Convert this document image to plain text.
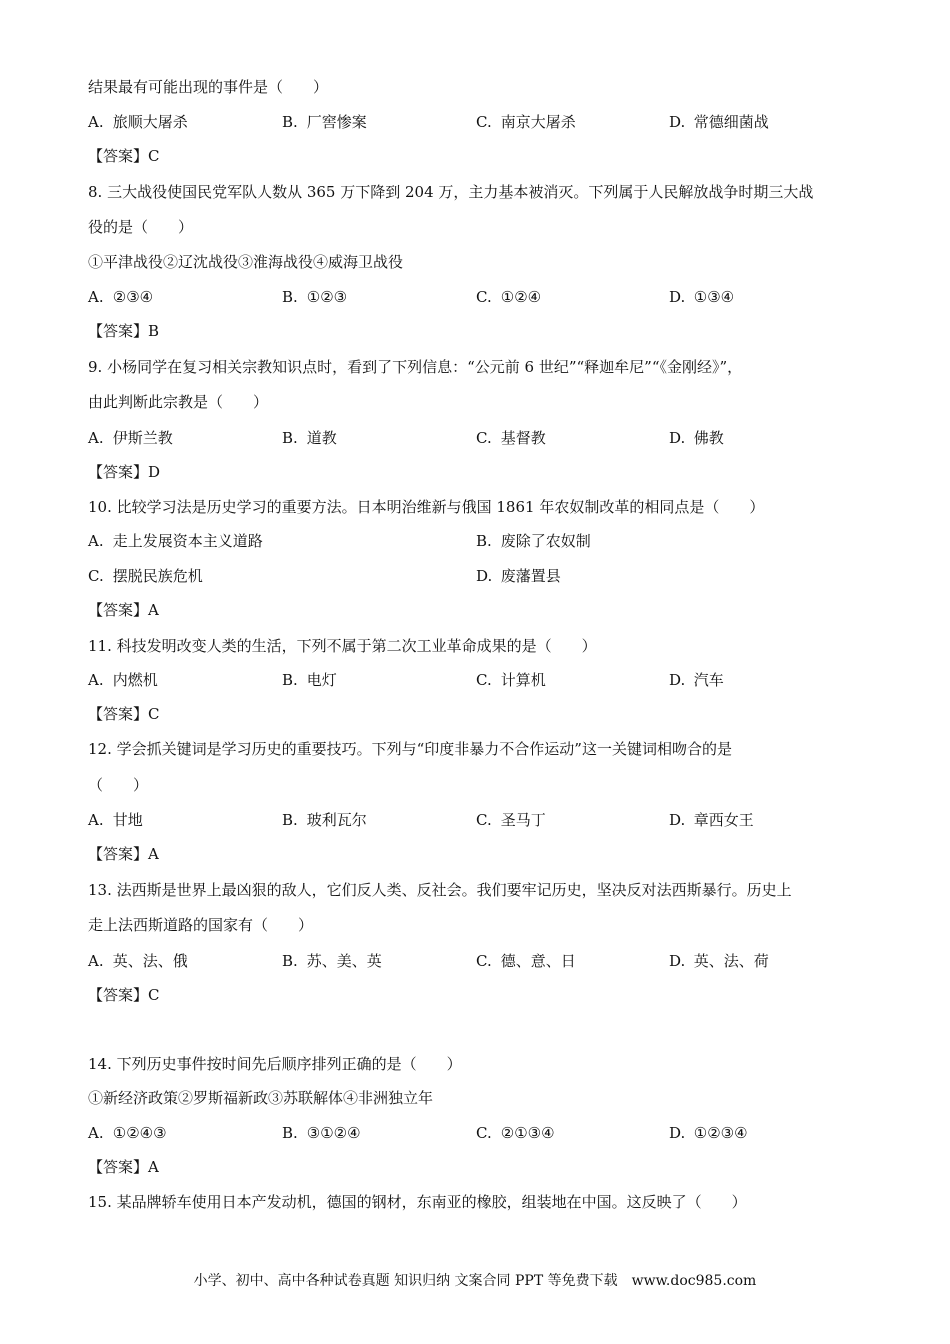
结果最有可能出现的事件是（　　）
A. 旅顺大屠杀	B. 厂窖惨案	C. 南京大屠杀	D. 常德细菌战
【答案】C
8. 三大战役使国民党军队人数从 365 万下降到 204 万，主力基本被消灭。下列属于人民解放战争时期三大战
役的是（　　）
①平津战役②辽沈战役③淮海战役④威海卫战役
A. ②③④	B. ①②③	C. ①②④	D. ①③④
【答案】B
9. 小杨同学在复习相关宗教知识点时，看到了下列信息：“公元前 6 世纪”“释迦牟尼”“《金刚经》”，
由此判断此宗教是（　　）
A. 伊斯兰教	B. 道教	C. 基督教	D. 佛教
【答案】D
10. 比较学习法是历史学习的重要方法。日本明治维新与俄国 1861 年农奴制改革的相同点是（　　）
A. 走上发展资本主义道路	B. 废除了农奴制
C. 摆脱民族危机	D. 废藩置县
【答案】A
11. 科技发明改变人类的生活，下列不属于第二次工业革命成果的是（　　）
A. 内燃机	B. 电灯	C. 计算机	D. 汽车
【答案】C
12. 学会抓关键词是学习历史的重要技巧。下列与“印度非暴力不合作运动”这一关键词相吻合的是
（　　）
A. 甘地	B. 玻利瓦尔	C. 圣马丁	D. 章西女王
【答案】A
13. 法西斯是世界上最凶狠的敌人，它们反人类、反社会。我们要牢记历史，坚决反对法西斯暴行。历史上
走上法西斯道路的国家有（　　）
A. 英、法、俄	B. 苏、美、英	C. 德、意、日	D. 英、法、荷
【答案】C
14. 下列历史事件按时间先后顺序排列正确的是（　　）
①新经济政策②罗斯福新政③苏联解体④非洲独立年
A. ①②④③	B. ③①②④	C. ②①③④	D. ①②③④
【答案】A
15. 某品牌轿车使用日本产发动机，德国的钢材，东南亚的橡胶，组装地在中国。这反映了（　　）
小学、初中、高中各种试卷真题 知识归纳 文案合同 PPT 等免费下载　www.doc985.com
